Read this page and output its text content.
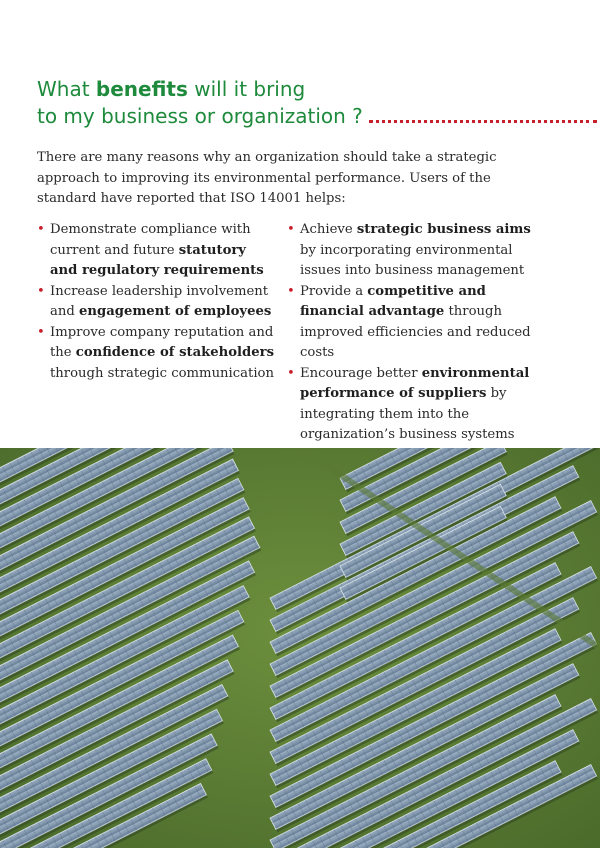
What benefits will it bring
to my business or organization ?

There are many reasons why an organization should take a strategic approach to improving its environmental performance. Users of the standard have reported that ISO 14001 helps:

• Demonstrate compliance with current and future statutory and regulatory requirements
• Increase leadership involvement and engagement of employees
• Improve company reputation and the confidence of stakeholders through strategic communication
• Achieve strategic business aims by incorporating environmental issues into business management
• Provide a competitive and financial advantage through improved efficiencies and reduced costs
• Encourage better environmental performance of suppliers by integrating them into the organization’s business systems
